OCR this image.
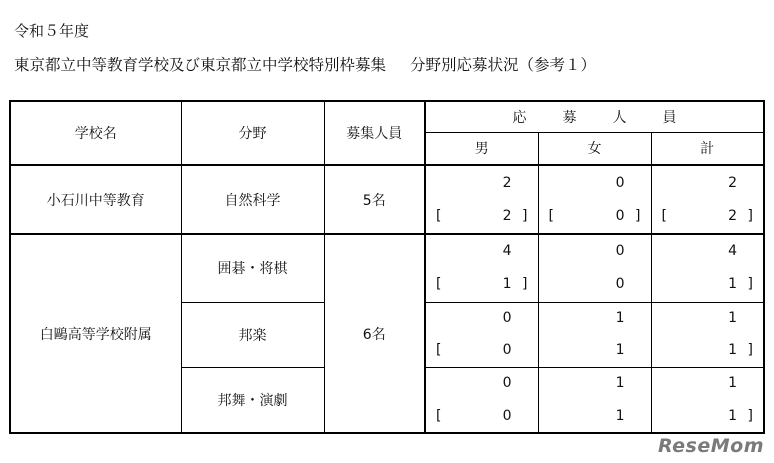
令和５年度
東京都立中等教育学校及び東京都立中学校特別枠募集 分野別応募状況（参考１）
学校名	分野	募集人員	応 募 人 員		
			男	女	計
小石川中等教育	自然科学	5名	2	0	2

			[ 2 ]	[ 0 ]	[ 2 ]

白鷗高等学校附属	囲碁・将棋	6名	4	0	4

			[ 1 ]	0	1 ]

	邦楽		0	1	1

			[ 0	1	1 ]

	邦舞・演劇		0	1	1

			[ 0	1	1 ]
ReseMom
